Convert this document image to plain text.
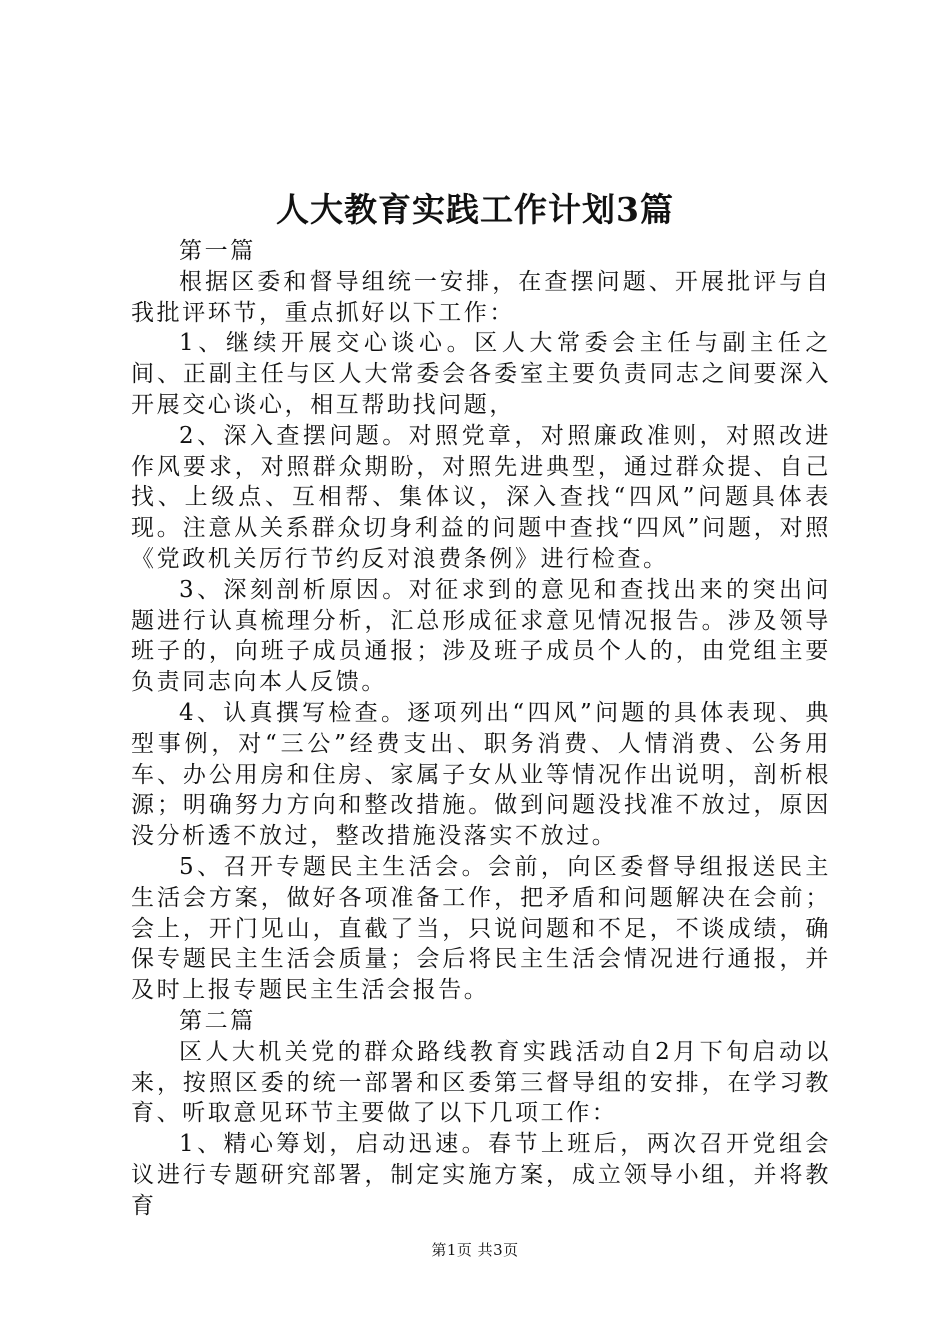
人大教育实践工作计划3篇

第一篇

根据区委和督导组统一安排，在查摆问题、开展批评与自我批评环节，重点抓好以下工作：

1、继续开展交心谈心。区人大常委会主任与副主任之间、正副主任与区人大常委会各委室主要负责同志之间要深入开展交心谈心，相互帮助找问题，

2、深入查摆问题。对照党章，对照廉政准则，对照改进作风要求，对照群众期盼，对照先进典型，通过群众提、自己找、上级点、互相帮、集体议，深入查找“四风”问题具体表现。注意从关系群众切身利益的问题中查找“四风”问题，对照《党政机关厉行节约反对浪费条例》进行检查。

3、深刻剖析原因。对征求到的意见和查找出来的突出问题进行认真梳理分析，汇总形成征求意见情况报告。涉及领导班子的，向班子成员通报；涉及班子成员个人的，由党组主要负责同志向本人反馈。

4、认真撰写检查。逐项列出“四风”问题的具体表现、典型事例，对“三公”经费支出、职务消费、人情消费、公务用车、办公用房和住房、家属子女从业等情况作出说明，剖析根源；明确努力方向和整改措施。做到问题没找准不放过，原因没分析透不放过，整改措施没落实不放过。

5、召开专题民主生活会。会前，向区委督导组报送民主生活会方案，做好各项准备工作，把矛盾和问题解决在会前；会上，开门见山，直截了当，只说问题和不足，不谈成绩，确保专题民主生活会质量；会后将民主生活会情况进行通报，并及时上报专题民主生活会报告。

第二篇

区人大机关党的群众路线教育实践活动自2月下旬启动以来，按照区委的统一部署和区委第三督导组的安排，在学习教育、听取意见环节主要做了以下几项工作：

1、精心筹划，启动迅速。春节上班后，两次召开党组会议进行专题研究部署，制定实施方案，成立领导小组，并将教育

第1页 共3页
